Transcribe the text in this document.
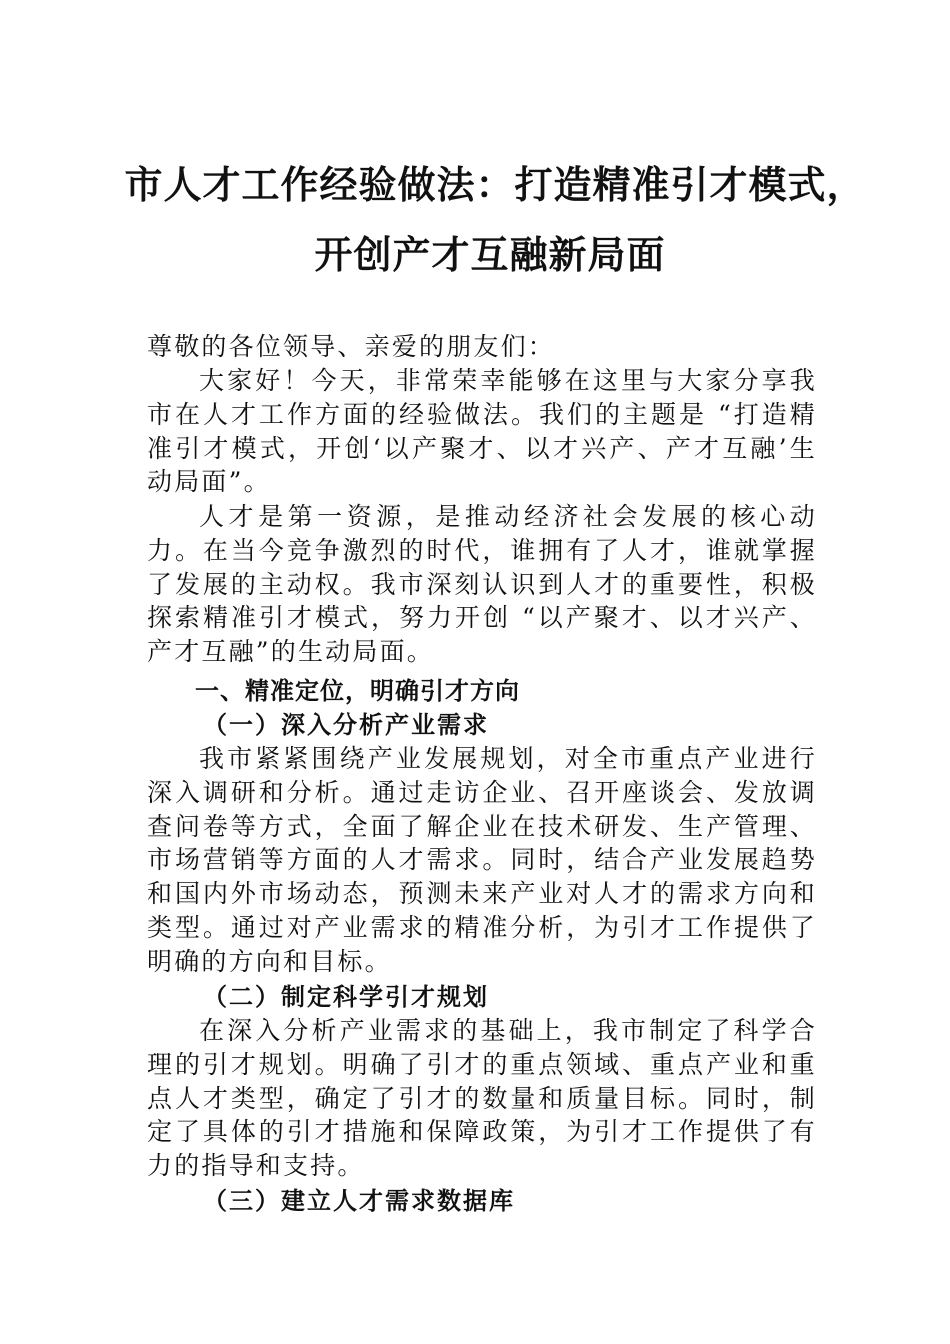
市人才工作经验做法：打造精准引才模式，
开创产才互融新局面

尊敬的各位领导、亲爱的朋友们：

大家好！今天，非常荣幸能够在这里与大家分享我市在人才工作方面的经验做法。我们的主题是 “打造精准引才模式，开创‘以产聚才、以才兴产、产才互融’生动局面”。

人才是第一资源，是推动经济社会发展的核心动力。在当今竞争激烈的时代，谁拥有了人才，谁就掌握了发展的主动权。我市深刻认识到人才的重要性，积极探索精准引才模式，努力开创 “以产聚才、以才兴产、产才互融”的生动局面。

一、精准定位，明确引才方向
（一）深入分析产业需求

我市紧紧围绕产业发展规划，对全市重点产业进行深入调研和分析。通过走访企业、召开座谈会、发放调查问卷等方式，全面了解企业在技术研发、生产管理、市场营销等方面的人才需求。同时，结合产业发展趋势和国内外市场动态，预测未来产业对人才的需求方向和类型。通过对产业需求的精准分析，为引才工作提供了明确的方向和目标。

（二）制定科学引才规划

在深入分析产业需求的基础上，我市制定了科学合理的引才规划。明确了引才的重点领域、重点产业和重点人才类型，确定了引才的数量和质量目标。同时，制定了具体的引才措施和保障政策，为引才工作提供了有力的指导和支持。

（三）建立人才需求数据库
